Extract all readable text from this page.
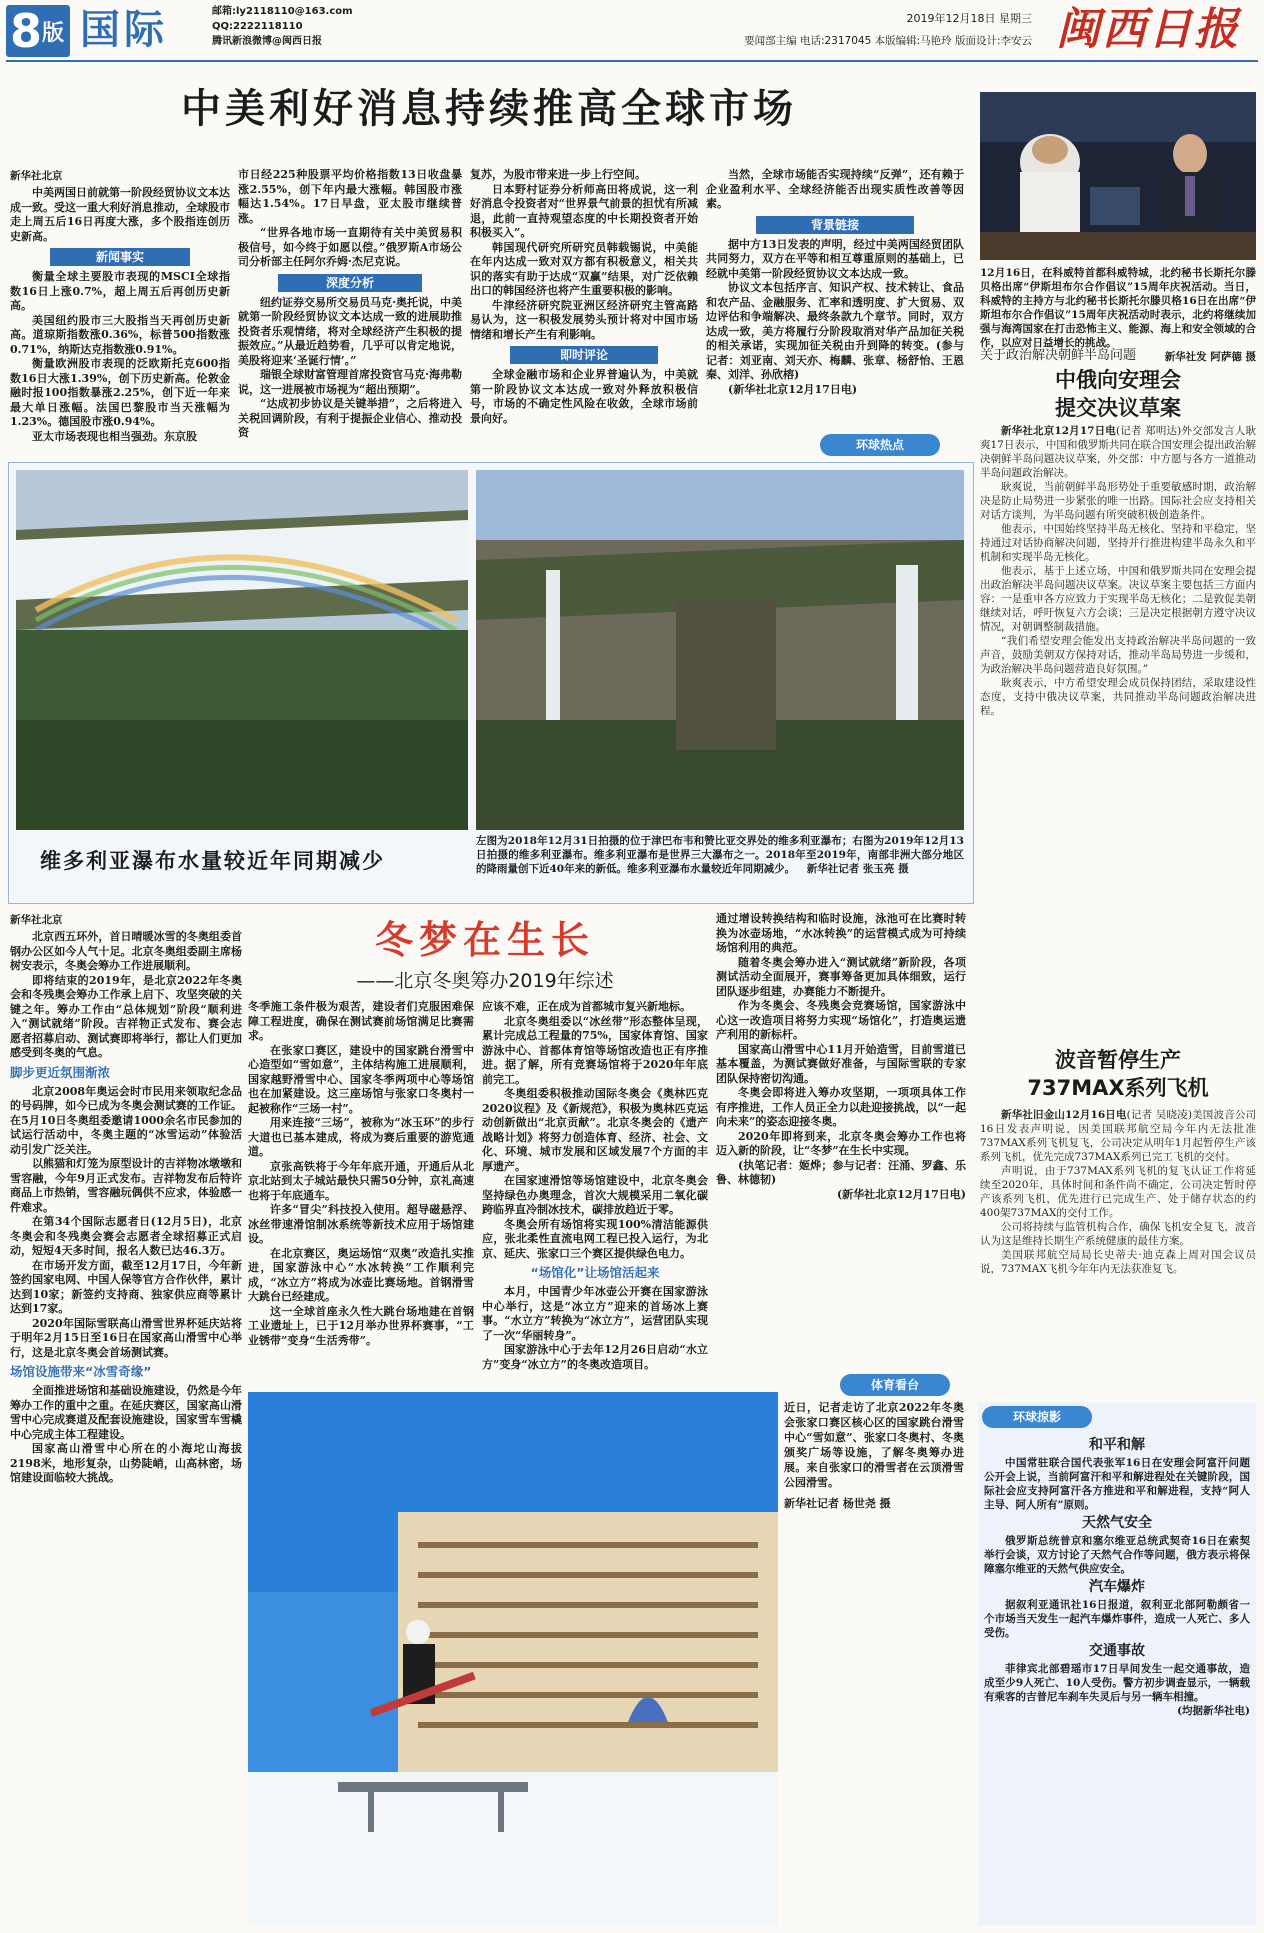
8 版 国际	邮箱:ly2118110@163.com
QQ:2222118110
腾讯新浪微博@闽西日报
2019年12月18日 星期三
要闻部主编 电话:2317045 本版编辑:马艳玲 版面设计:李安云 闽西日报
中美利好消息持续推高全球市场
新华社北京

中美两国日前就第一阶段经贸协议文本达成一致。受这一重大利好消息推动，全球股市走上周五后16日再度大涨，多个股指连创历史新高。

新闻事实

衡量全球主要股市表现的MSCI全球指数16日上涨0.7%，超上周五后再创历史新高。

美国纽约股市三大股指当天再创历史新高。道琼斯指数涨0.36%，标普500指数涨0.71%，纳斯达克指数涨0.91%。

衡量欧洲股市表现的泛欧斯托克600指数16日大涨1.39%，创下历史新高。伦敦金融时报100指数暴涨2.25%，创下近一年来最大单日涨幅。法国巴黎股市当天涨幅为1.23%。德国股市涨0.94%。

亚太市场表现也相当强劲。东京股

市日经225种股票平均价格指数13日收盘暴涨2.55%，创下年内最大涨幅。韩国股市涨幅达1.54%。17日早盘，亚太股市继续普涨。

“世界各地市场一直期待有关中美贸易积极信号，如今终于如愿以偿。”俄罗斯A市场公司分析部主任阿尔乔姆·杰尼克说。

深度分析

纽约证券交易所交易员马克·奥托说，中美就第一阶段经贸协议文本达成一致的进展助推投资者乐观情绪，将对全球经济产生积极的提振效应。”从最近趋势看，几乎可以肯定地说，美股将迎来‘圣诞行情’。”

瑞银全球财富管理首席投资官马克·海弗勒说，这一进展被市场视为“超出预期”。

“达成初步协议是关键举措”，之后将进入关税回调阶段，有利于提振企业信心、推动投资

复苏，为股市带来进一步上行空间。

日本野村证券分析师高田将成说，这一利好消息令投资者对“世界景气前景的担忧有所减退，此前一直持观望态度的中长期投资者开始积极买入”。

韩国现代研究所研究员韩载锡说，中美能在年内达成一致对双方都有积极意义，相关共识的落实有助于达成“双赢”结果，对广泛依赖出口的韩国经济也将产生重要积极的影响。

牛津经济研究院亚洲区经济研究主管高路易认为，这一积极发展势头预计将对中国市场情绪和增长产生有利影响。

即时评论

全球金融市场和企业界普遍认为，中美就第一阶段协议文本达成一致对外释放积极信号，市场的不确定性风险在收敛，全球市场前景向好。

当然，全球市场能否实现持续“反弹”，还有赖于企业盈利水平、全球经济能否出现实质性改善等因素。

背景链接

据中方13日发表的声明，经过中美两国经贸团队共同努力，双方在平等和相互尊重原则的基础上，已经就中美第一阶段经贸协议文本达成一致。

协议文本包括序言、知识产权、技术转让、食品和农产品、金融服务、汇率和透明度、扩大贸易、双边评估和争端解决、最终条款九个章节。同时，双方达成一致，美方将履行分阶段取消对华产品加征关税的相关承诺，实现加征关税由升到降的转变。(参与记者：刘亚南、刘天亦、梅麟、张章、杨舒怡、王恩秦、刘洋、孙欣榕)

(新华社北京12月17日电)

环球热点
12月16日，在科威特首都科威特城，北约秘书长斯托尔滕贝格出席“伊斯坦布尔合作倡议”15周年庆祝活动。当日，科威特的主持方与北约秘书长斯托尔滕贝格16日在出席“伊斯坦布尔合作倡议”15周年庆祝活动时表示，北约将继续加强与海湾国家在打击恐怖主义、能源、海上和安全领域的合作，以应对日益增长的挑战。
新华社发 阿萨德 摄
关于政治解决朝鲜半岛问题
中俄向安理会
提交决议草案

新华社北京12月17日电(记者 郑明达)外交部发言人耿爽17日表示，中国和俄罗斯共同在联合国安理会提出政治解决朝鲜半岛问题决议草案，外交部：中方愿与各方一道推动半岛问题政治解决。

耿爽说，当前朝鲜半岛形势处于重要敏感时期，政治解决是防止局势进一步紧张的唯一出路。国际社会应支持相关对话方谈判，为半岛问题有所突破积极创造条件。

他表示，中国始终坚持半岛无核化、坚持和平稳定，坚持通过对话协商解决问题，坚持并行推进构建半岛永久和平机制和实现半岛无核化。

他表示，基于上述立场，中国和俄罗斯共同在安理会提出政治解决半岛问题决议草案。决议草案主要包括三方面内容：一是重申各方应致力于实现半岛无核化；二是敦促美朝继续对话，呼吁恢复六方会谈；三是决定根据朝方遵守决议情况，对朝调整制裁措施。

“我们希望安理会能发出支持政治解决半岛问题的一致声音，鼓励美朝双方保持对话，推动半岛局势进一步缓和，为政治解决半岛问题营造良好氛围。”

耿爽表示，中方希望安理会成员保持团结，采取建设性态度，支持中俄决议草案，共同推动半岛问题政治解决进程。

维多利亚瀑布水量较近年同期减少
左图为2018年12月31日拍摄的位于津巴布韦和赞比亚交界处的维多利亚瀑布；右图为2019年12月13日拍摄的维多利亚瀑布。维多利亚瀑布是世界三大瀑布之一。2018年至2019年，南部非洲大部分地区的降雨量创下近40年来的新低。维多利亚瀑布水量较近年同期减少。 新华社记者 张玉亮 摄
冬梦在生长
——北京冬奥筹办2019年综述
新华社北京

北京西五环外，首日晴暖冰雪的冬奥组委首钢办公区如今人气十足。北京冬奥组委副主席杨树安表示，冬奥会筹办工作进展顺利。

即将结束的2019年，是北京2022年冬奥会和冬残奥会筹办工作承上启下、攻坚突破的关键之年。筹办工作由“总体规划”阶段“顺利进入“测试就绪”阶段。吉祥物正式发布、赛会志愿者招募启动、测试赛即将举行，都让人们更加感受到冬奥的气息。

脚步更近氛围渐浓

北京2008年奥运会时市民用来领取纪念品的号码牌，如今已成为冬奥会测试赛的工作证。在5月10日冬奥组委邀请1000余名市民参加的试运行活动中，冬奥主题的“冰雪运动”体验活动引发广泛关注。

以熊猫和灯笼为原型设计的吉祥物冰墩墩和雪容融，今年9月正式发布。吉祥物发布后特许商品上市热销，雪容融玩偶供不应求，体验感一件难求。

在第34个国际志愿者日(12月5日)，北京冬奥会和冬残奥会赛会志愿者全球招募正式启动，短短4天多时间，报名人数已达46.3万。

在市场开发方面，截至12月17日，今年新签约国家电网、中国人保等官方合作伙伴，累计达到10家；新签约支持商、独家供应商等累计达到17家。

2020年国际雪联高山滑雪世界杯延庆站将于明年2月15日至16日在国家高山滑雪中心举行，这是北京冬奥会首场测试赛。

场馆设施带来“冰雪奇缘”

全面推进场馆和基础设施建设，仍然是今年筹办工作的重中之重。在延庆赛区，国家高山滑雪中心完成赛道及配套设施建设，国家雪车雪橇中心完成主体工程建设。

国家高山滑雪中心所在的小海坨山海拔2198米，地形复杂，山势陡峭，山高林密，场馆建设面临较大挑战。

冬季施工条件极为艰苦，建设者们克服困难保障工程进度，确保在测试赛前场馆满足比赛需求。

在张家口赛区，建设中的国家跳台滑雪中心造型如“雪如意”，主体结构施工进展顺利，国家越野滑雪中心、国家冬季两项中心等场馆也在加紧建设。这三座场馆与张家口冬奥村一起被称作“三场一村”。

用来连接“三场”，被称为“冰玉环”的步行大道也已基本建成，将成为赛后重要的游览通道。

京张高铁将于今年年底开通，开通后从北京北站到太子城站最快只需50分钟，京礼高速也将于年底通车。

许多“冒尖”科技投入使用。超导磁悬浮、冰丝带速滑馆制冰系统等新技术应用于场馆建设。

在北京赛区，奥运场馆“双奥”改造扎实推进，国家游泳中心“水冰转换”工作顺利完成，“冰立方”将成为冰壶比赛场地。首钢滑雪大跳台已经建成。

这一全球首座永久性大跳台场地建在首钢工业遗址上，已于12月举办世界杯赛事，“工业锈带”变身“生活秀带”。

应该不难，正在成为首都城市复兴新地标。

北京冬奥组委以“冰丝带”形态整体呈现，累计完成总工程量的75%，国家体育馆、国家游泳中心、首都体育馆等场馆改造也正有序推进。据了解，所有竞赛场馆将于2020年年底前完工。

冬奥组委积极推动国际冬奥会《奥林匹克2020议程》及《新规范》，积极为奥林匹克运动创新做出“北京贡献”。北京冬奥会的《遗产战略计划》将努力创造体育、经济、社会、文化、环境、城市发展和区域发展7个方面的丰厚遗产。

在国家速滑馆等场馆建设中，北京冬奥会坚持绿色办奥理念，首次大规模采用二氧化碳跨临界直冷制冰技术，碳排放趋近于零。

冬奥会所有场馆将实现100%清洁能源供应，张北柔性直流电网工程已投入运行，为北京、延庆、张家口三个赛区提供绿色电力。

“场馆化”让场馆活起来

本月，中国青少年冰壶公开赛在国家游泳中心举行，这是“冰立方”迎来的首场冰上赛事。“水立方”转换为“冰立方”，运营团队实现了一次“华丽转身”。

国家游泳中心于去年12月26日启动“水立方”变身“冰立方”的冬奥改造项目。

通过增设转换结构和临时设施，泳池可在比赛时转换为冰壶场地，“水冰转换”的运营模式成为可持续场馆利用的典范。

随着冬奥会筹办进入“测试就绪”新阶段，各项测试活动全面展开，赛事筹备更加具体细致，运行团队逐步组建，办赛能力不断提升。

作为冬奥会、冬残奥会竞赛场馆，国家游泳中心这一改造项目将努力实现“场馆化”，打造奥运遗产利用的新标杆。

国家高山滑雪中心11月开始造雪，目前雪道已基本覆盖，为测试赛做好准备，与国际雪联的专家团队保持密切沟通。

冬奥会即将进入筹办攻坚期，一项项具体工作有序推进，工作人员正全力以赴迎接挑战，以“一起向未来”的姿态迎接冬奥。

2020年即将到来，北京冬奥会筹办工作也将迈入新的阶段，让“冬梦”在生长中实现。

(执笔记者：姬烨；参与记者：汪涌、罗鑫、乐鲁、林德韧)

(新华社北京12月17日电)

体育看台
近日，记者走访了北京2022年冬奥会张家口赛区核心区的国家跳台滑雪中心“雪如意”、张家口冬奥村、冬奥颁奖广场等设施，了解冬奥筹办进展。来自张家口的滑雪者在云顶滑雪公园滑雪。
新华社记者 杨世尧 摄
波音暂停生产
737MAX系列飞机

新华社旧金山12月16日电(记者 吴晓凌)美国波音公司16日发表声明说，因美国联邦航空局今年内无法批准737MAX系列飞机复飞，公司决定从明年1月起暂停生产该系列飞机，优先完成737MAX系列已完工飞机的交付。

声明说，由于737MAX系列飞机的复飞认证工作将延续至2020年，具体时间和条件尚不确定，公司决定暂时停产该系列飞机，优先进行已完成生产、处于储存状态的约400架737MAX的交付工作。

公司将持续与监管机构合作，确保飞机安全复飞，波音认为这是维持长期生产系统健康的最佳方案。

美国联邦航空局局长史蒂夫·迪克森上周对国会议员说，737MAX飞机今年年内无法获准复飞。

环球掠影
和平和解

中国常驻联合国代表张军16日在安理会阿富汗问题公开会上说，当前阿富汗和平和解进程处在关键阶段，国际社会应支持阿富汗各方推进和平和解进程，支持“阿人主导、阿人所有”原则。

天然气安全

俄罗斯总统普京和塞尔维亚总统武契奇16日在索契举行会谈，双方讨论了天然气合作等问题，俄方表示将保障塞尔维亚的天然气供应安全。

汽车爆炸

据叙利亚通讯社16日报道，叙利亚北部阿勒颇省一个市场当天发生一起汽车爆炸事件，造成一人死亡、多人受伤。

交通事故

菲律宾北部碧瑶市17日早间发生一起交通事故，造成至少9人死亡、10人受伤。警方初步调查显示，一辆载有乘客的吉普尼车刹车失灵后与另一辆车相撞。

(均据新华社电)
